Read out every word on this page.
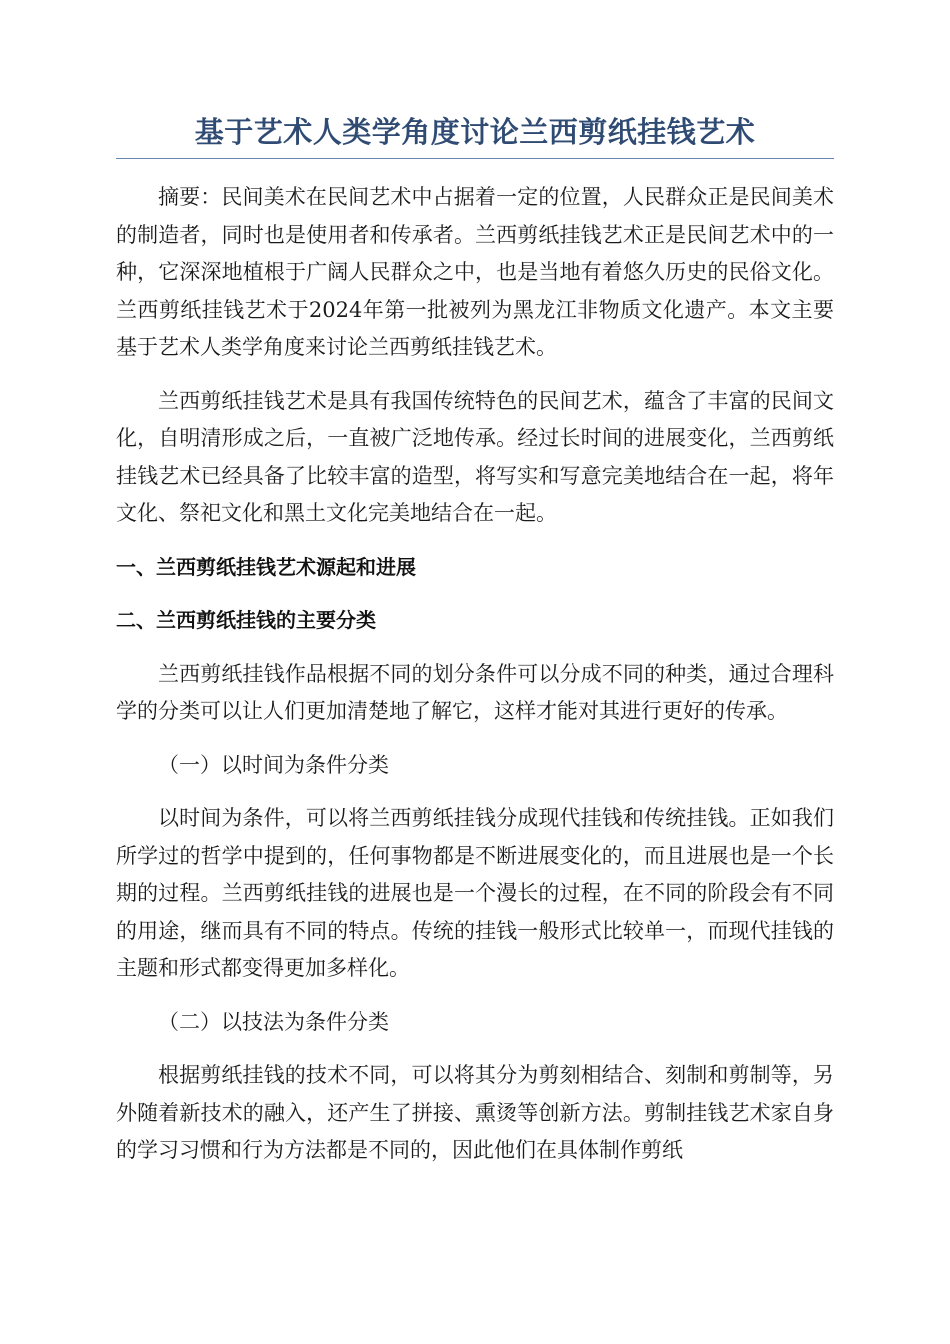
基于艺术人类学角度讨论兰西剪纸挂钱艺术

摘要：民间美术在民间艺术中占据着一定的位置，人民群众正是民间美术的制造者，同时也是使用者和传承者。兰西剪纸挂钱艺术正是民间艺术中的一种，它深深地植根于广阔人民群众之中，也是当地有着悠久历史的民俗文化。兰西剪纸挂钱艺术于2024年第一批被列为黑龙江非物质文化遗产。本文主要基于艺术人类学角度来讨论兰西剪纸挂钱艺术。

兰西剪纸挂钱艺术是具有我国传统特色的民间艺术，蕴含了丰富的民间文化，自明清形成之后，一直被广泛地传承。经过长时间的进展变化，兰西剪纸挂钱艺术已经具备了比较丰富的造型，将写实和写意完美地结合在一起，将年文化、祭祀文化和黑土文化完美地结合在一起。

一、兰西剪纸挂钱艺术源起和进展
二、兰西剪纸挂钱的主要分类

兰西剪纸挂钱作品根据不同的划分条件可以分成不同的种类，通过合理科学的分类可以让人们更加清楚地了解它，这样才能对其进行更好的传承。

（一）以时间为条件分类

以时间为条件，可以将兰西剪纸挂钱分成现代挂钱和传统挂钱。正如我们所学过的哲学中提到的，任何事物都是不断进展变化的，而且进展也是一个长期的过程。兰西剪纸挂钱的进展也是一个漫长的过程，在不同的阶段会有不同的用途，继而具有不同的特点。传统的挂钱一般形式比较单一，而现代挂钱的主题和形式都变得更加多样化。

（二）以技法为条件分类

根据剪纸挂钱的技术不同，可以将其分为剪刻相结合、刻制和剪制等，另外随着新技术的融入，还产生了拼接、熏烫等创新方法。剪制挂钱艺术家自身的学习习惯和行为方法都是不同的，因此他们在具体制作剪纸
